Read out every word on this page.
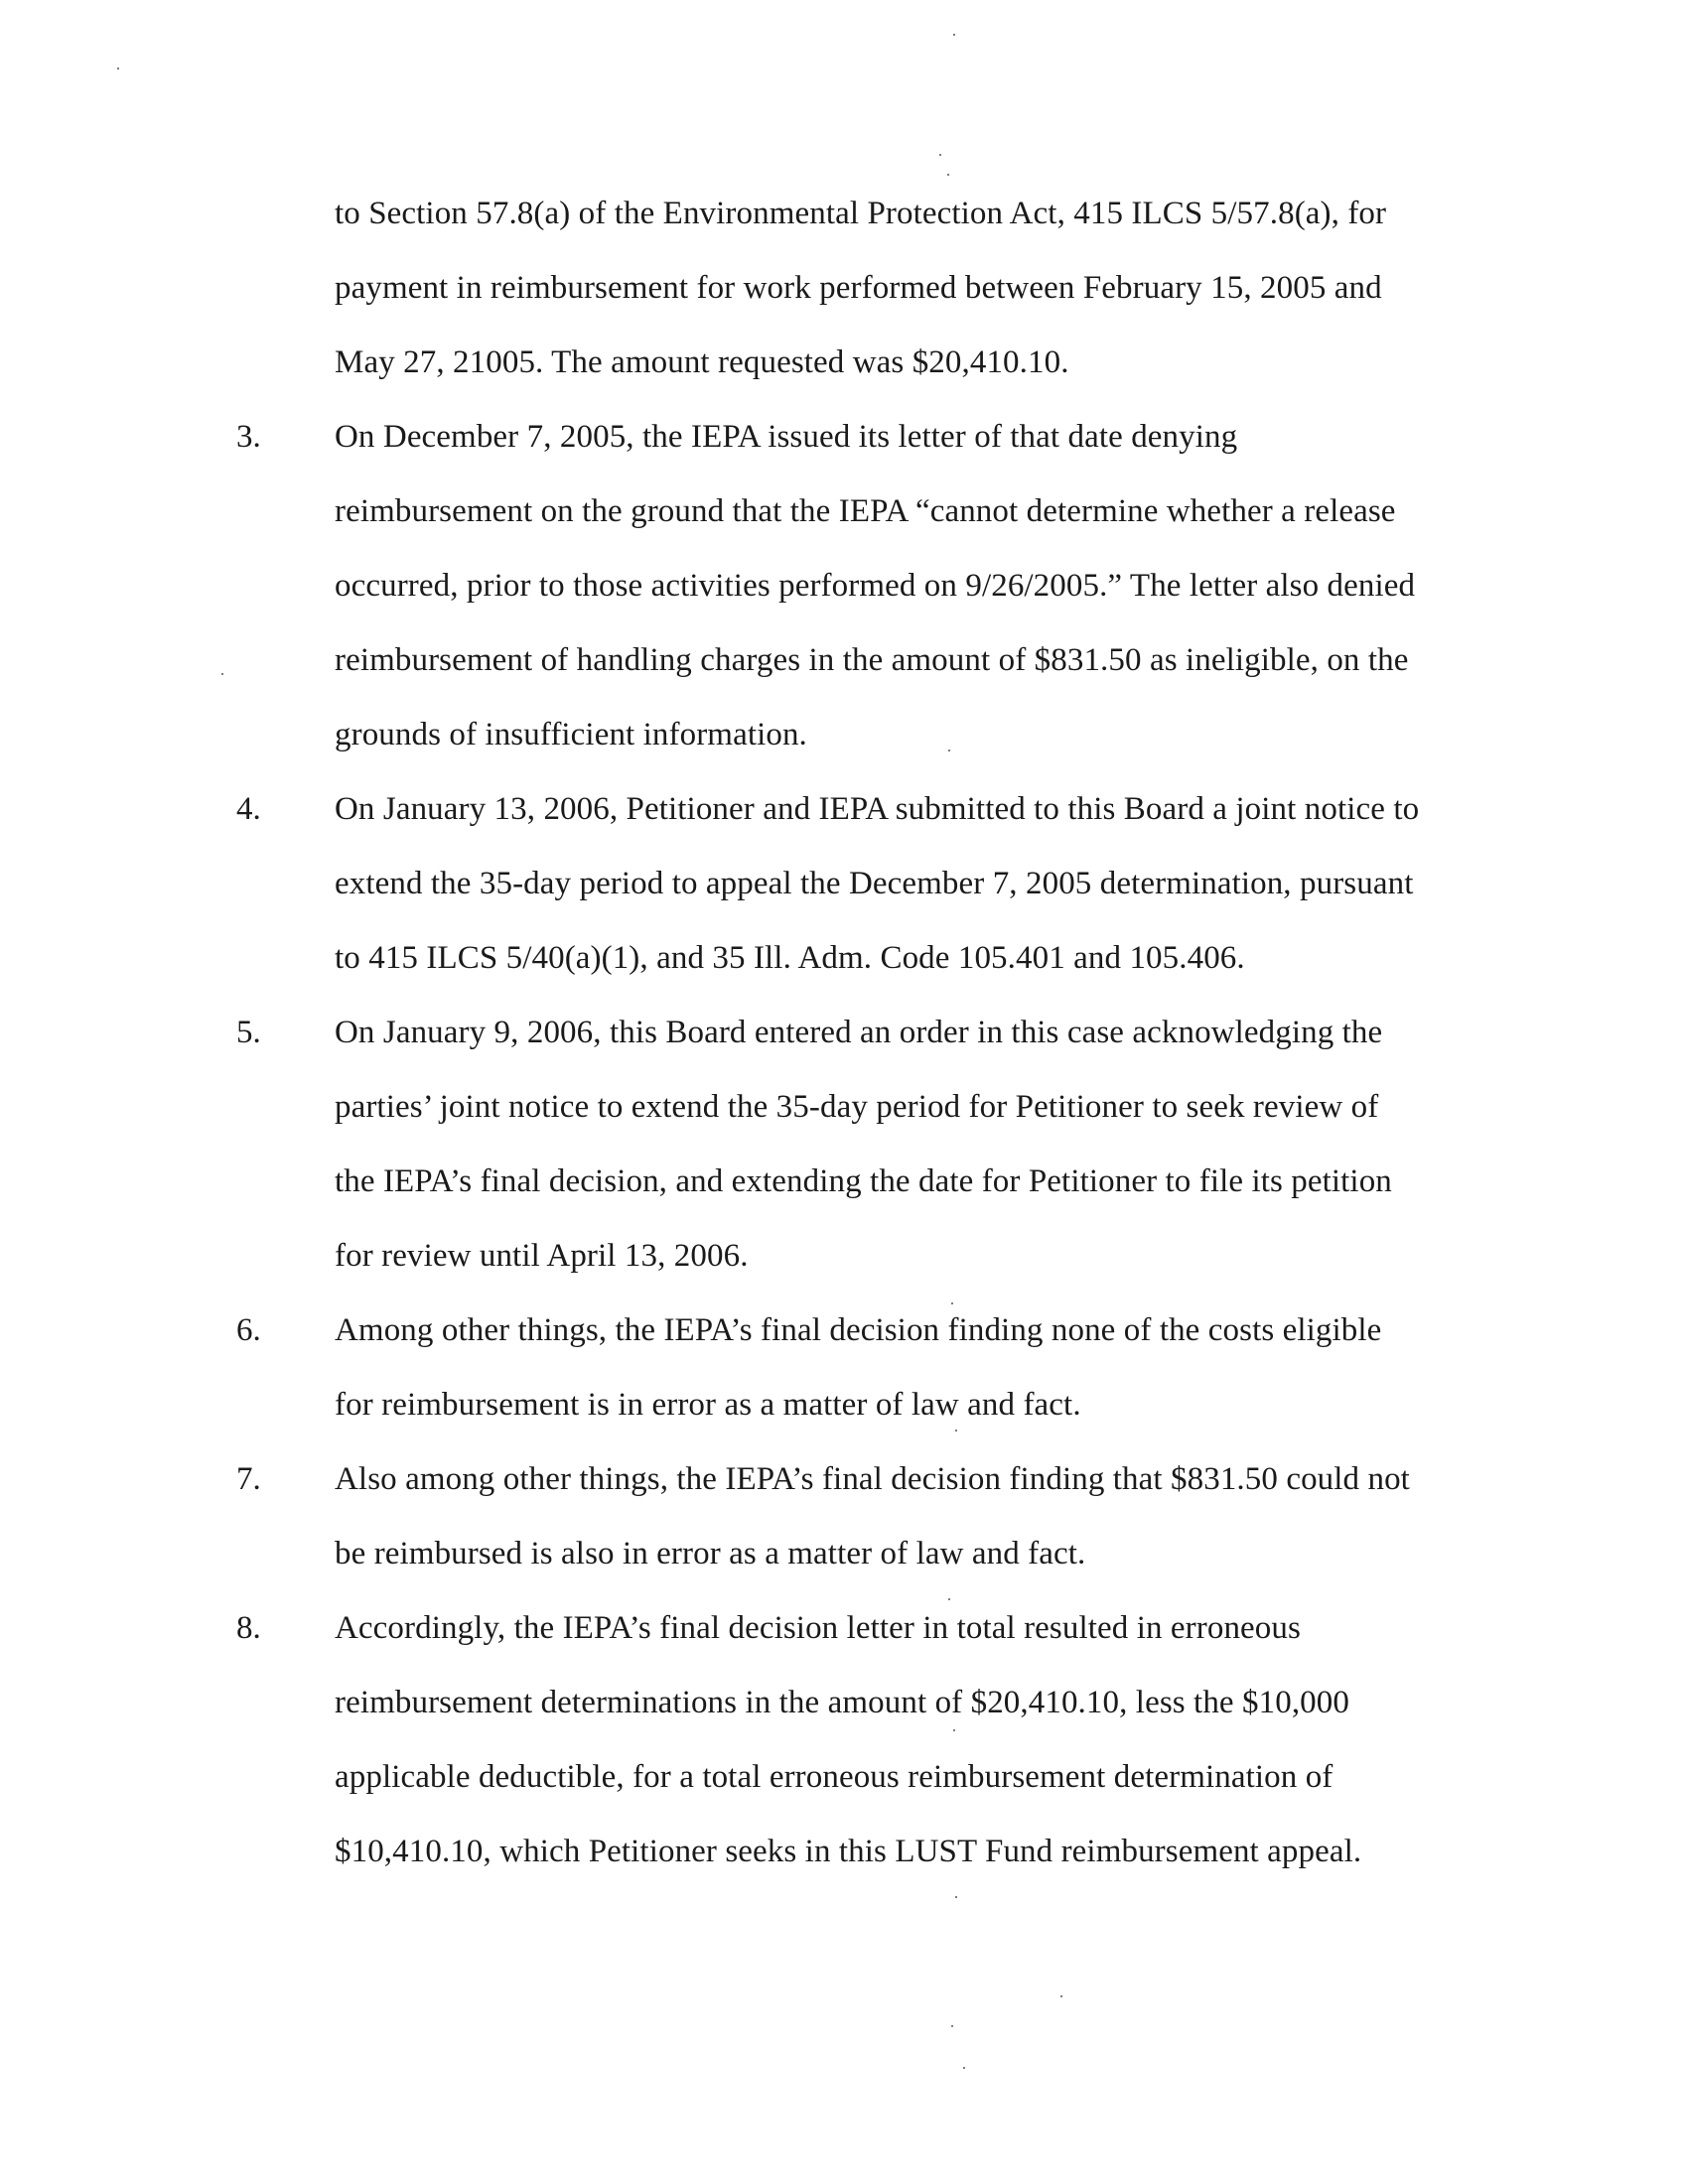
to Section 57.8(a) of the Environmental Protection Act, 415 ILCS 5/57.8(a), for
payment in reimbursement for work performed between February 15, 2005 and
May 27, 21005. The amount requested was $20,410.10.
3. On December 7, 2005, the IEPA issued its letter of that date denying
reimbursement on the ground that the IEPA “cannot determine whether a release
occurred, prior to those activities performed on 9/26/2005.” The letter also denied
reimbursement of handling charges in the amount of $831.50 as ineligible, on the
grounds of insufficient information.
4. On January 13, 2006, Petitioner and IEPA submitted to this Board a joint notice to
extend the 35-day period to appeal the December 7, 2005 determination, pursuant
to 415 ILCS 5/40(a)(1), and 35 Ill. Adm. Code 105.401 and 105.406.
5. On January 9, 2006, this Board entered an order in this case acknowledging the
parties’ joint notice to extend the 35-day period for Petitioner to seek review of
the IEPA’s final decision, and extending the date for Petitioner to file its petition
for review until April 13, 2006.
6. Among other things, the IEPA’s final decision finding none of the costs eligible
for reimbursement is in error as a matter of law and fact.
7. Also among other things, the IEPA’s final decision finding that $831.50 could not
be reimbursed is also in error as a matter of law and fact.
8. Accordingly, the IEPA’s final decision letter in total resulted in erroneous
reimbursement determinations in the amount of $20,410.10, less the $10,000
applicable deductible, for a total erroneous reimbursement determination of
$10,410.10, which Petitioner seeks in this LUST Fund reimbursement appeal.
